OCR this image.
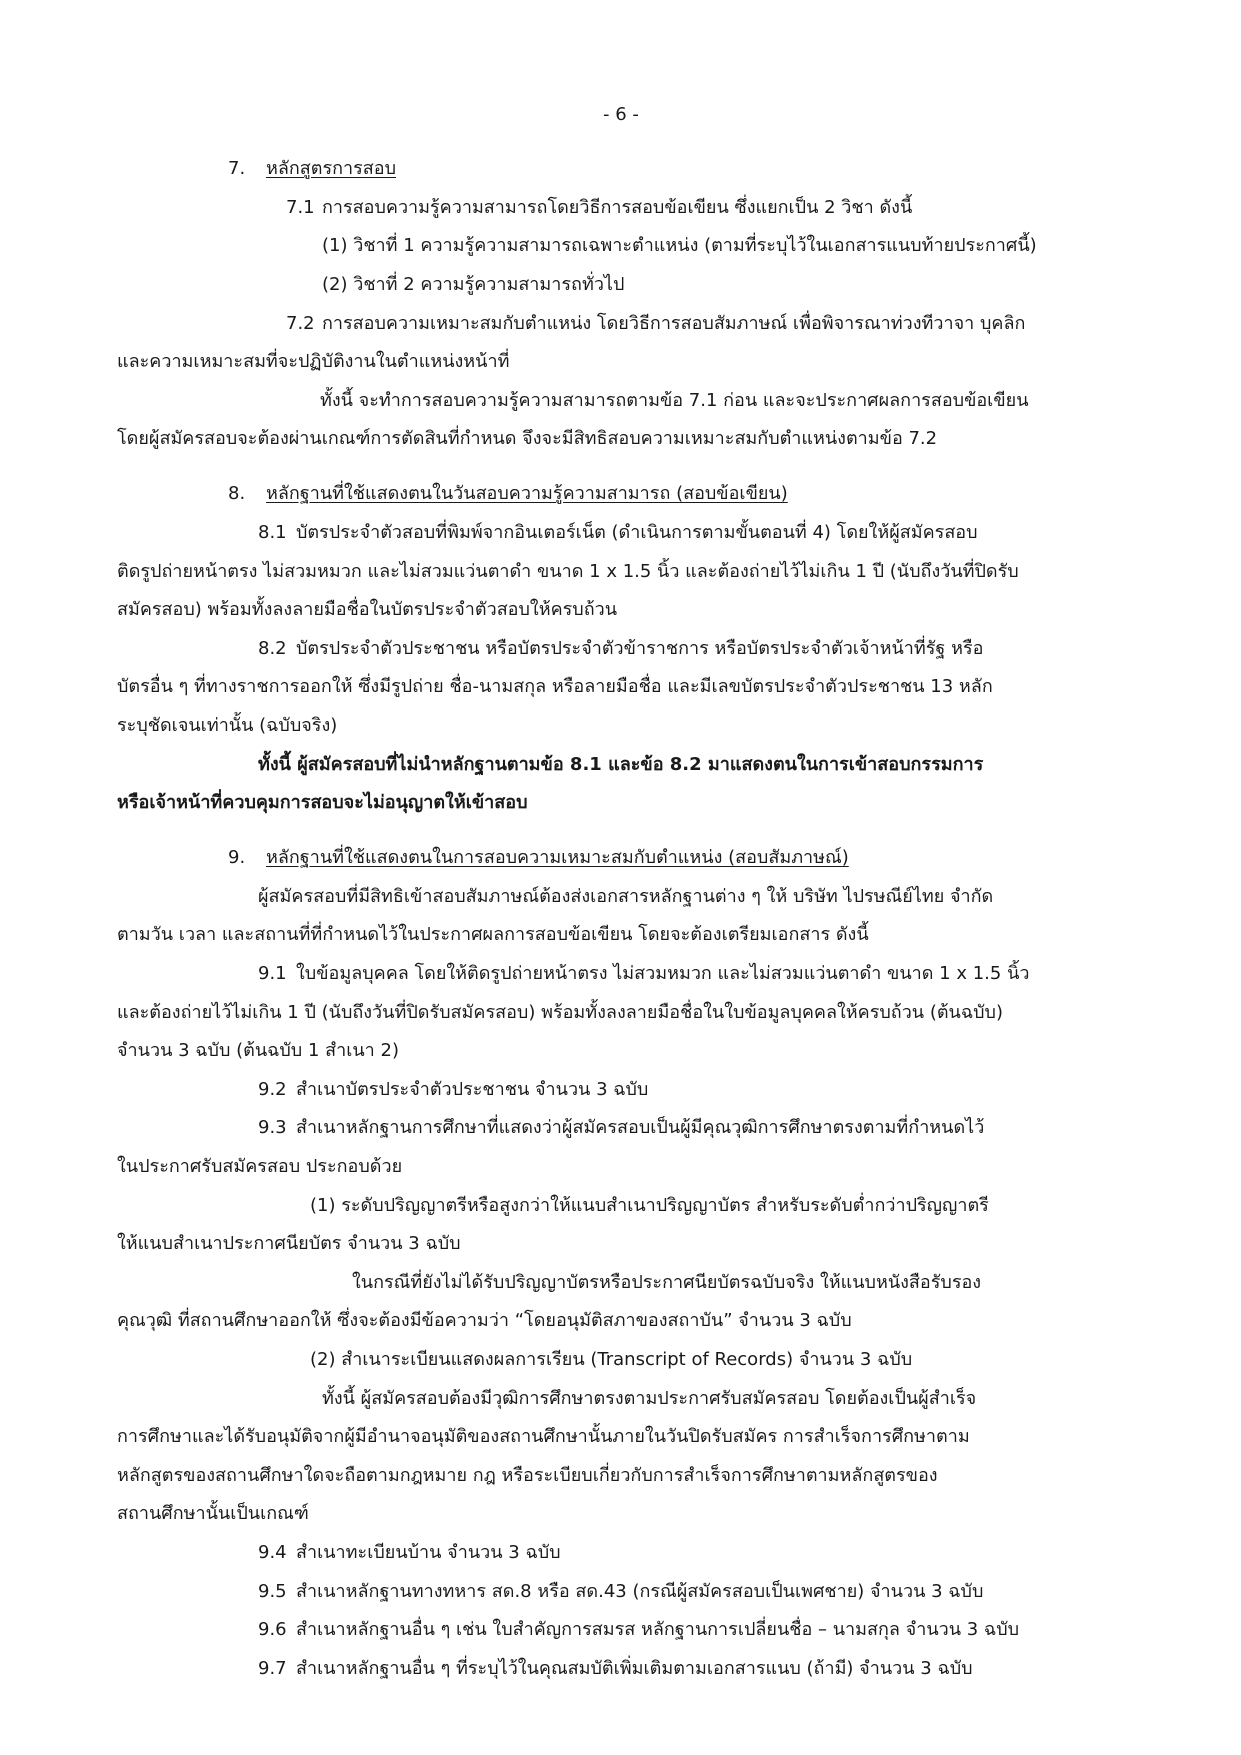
- 6 -
7. หลักสูตรการสอบ
7.1 การสอบความรู้ความสามารถโดยวิธีการสอบข้อเขียน ซึ่งแยกเป็น 2 วิชา ดังนี้
(1) วิชาที่ 1 ความรู้ความสามารถเฉพาะตำแหน่ง (ตามที่ระบุไว้ในเอกสารแนบท้ายประกาศนี้)
(2) วิชาที่ 2 ความรู้ความสามารถทั่วไป
7.2 การสอบความเหมาะสมกับตำแหน่ง โดยวิธีการสอบสัมภาษณ์ เพื่อพิจารณาท่วงทีวาจา บุคลิก
และความเหมาะสมที่จะปฏิบัติงานในตำแหน่งหน้าที่
ทั้งนี้ จะทำการสอบความรู้ความสามารถตามข้อ 7.1 ก่อน และจะประกาศผลการสอบข้อเขียน
โดยผู้สมัครสอบจะต้องผ่านเกณฑ์การตัดสินที่กำหนด จึงจะมีสิทธิสอบความเหมาะสมกับตำแหน่งตามข้อ 7.2
8. หลักฐานที่ใช้แสดงตนในวันสอบความรู้ความสามารถ (สอบข้อเขียน)
8.1 บัตรประจำตัวสอบที่พิมพ์จากอินเตอร์เน็ต (ดำเนินการตามขั้นตอนที่ 4) โดยให้ผู้สมัครสอบ
ติดรูปถ่ายหน้าตรง ไม่สวมหมวก และไม่สวมแว่นตาดำ ขนาด 1 x 1.5 นิ้ว และต้องถ่ายไว้ไม่เกิน 1 ปี (นับถึงวันที่ปิดรับ
สมัครสอบ) พร้อมทั้งลงลายมือชื่อในบัตรประจำตัวสอบให้ครบถ้วน
8.2 บัตรประจำตัวประชาชน หรือบัตรประจำตัวข้าราชการ หรือบัตรประจำตัวเจ้าหน้าที่รัฐ หรือ
บัตรอื่น ๆ ที่ทางราชการออกให้ ซึ่งมีรูปถ่าย ชื่อ-นามสกุล หรือลายมือชื่อ และมีเลขบัตรประจำตัวประชาชน 13 หลัก
ระบุชัดเจนเท่านั้น (ฉบับจริง)
ทั้งนี้ ผู้สมัครสอบที่ไม่นำหลักฐานตามข้อ 8.1 และข้อ 8.2 มาแสดงตนในการเข้าสอบกรรมการ
หรือเจ้าหน้าที่ควบคุมการสอบจะไม่อนุญาตให้เข้าสอบ
9. หลักฐานที่ใช้แสดงตนในการสอบความเหมาะสมกับตำแหน่ง (สอบสัมภาษณ์)
ผู้สมัครสอบที่มีสิทธิเข้าสอบสัมภาษณ์ต้องส่งเอกสารหลักฐานต่าง ๆ ให้ บริษัท ไปรษณีย์ไทย จำกัด
ตามวัน เวลา และสถานที่ที่กำหนดไว้ในประกาศผลการสอบข้อเขียน โดยจะต้องเตรียมเอกสาร ดังนี้
9.1 ใบข้อมูลบุคคล โดยให้ติดรูปถ่ายหน้าตรง ไม่สวมหมวก และไม่สวมแว่นตาดำ ขนาด 1 x 1.5 นิ้ว
และต้องถ่ายไว้ไม่เกิน 1 ปี (นับถึงวันที่ปิดรับสมัครสอบ) พร้อมทั้งลงลายมือชื่อในใบข้อมูลบุคคลให้ครบถ้วน (ต้นฉบับ)
จำนวน 3 ฉบับ (ต้นฉบับ 1 สำเนา 2)
9.2 สำเนาบัตรประจำตัวประชาชน จำนวน 3 ฉบับ
9.3 สำเนาหลักฐานการศึกษาที่แสดงว่าผู้สมัครสอบเป็นผู้มีคุณวุฒิการศึกษาตรงตามที่กำหนดไว้
ในประกาศรับสมัครสอบ ประกอบด้วย
(1) ระดับปริญญาตรีหรือสูงกว่าให้แนบสำเนาปริญญาบัตร สำหรับระดับต่ำกว่าปริญญาตรี
ให้แนบสำเนาประกาศนียบัตร จำนวน 3 ฉบับ
ในกรณีที่ยังไม่ได้รับปริญญาบัตรหรือประกาศนียบัตรฉบับจริง ให้แนบหนังสือรับรอง
คุณวุฒิ ที่สถานศึกษาออกให้ ซึ่งจะต้องมีข้อความว่า “โดยอนุมัติสภาของสถาบัน” จำนวน 3 ฉบับ
(2) สำเนาระเบียนแสดงผลการเรียน (Transcript of Records) จำนวน 3 ฉบับ
ทั้งนี้ ผู้สมัครสอบต้องมีวุฒิการศึกษาตรงตามประกาศรับสมัครสอบ โดยต้องเป็นผู้สำเร็จ
การศึกษาและได้รับอนุมัติจากผู้มีอำนาจอนุมัติของสถานศึกษานั้นภายในวันปิดรับสมัคร การสำเร็จการศึกษาตาม
หลักสูตรของสถานศึกษาใดจะถือตามกฎหมาย กฎ หรือระเบียบเกี่ยวกับการสำเร็จการศึกษาตามหลักสูตรของ
สถานศึกษานั้นเป็นเกณฑ์
9.4 สำเนาทะเบียนบ้าน จำนวน 3 ฉบับ
9.5 สำเนาหลักฐานทางทหาร สด.8 หรือ สด.43 (กรณีผู้สมัครสอบเป็นเพศชาย) จำนวน 3 ฉบับ
9.6 สำเนาหลักฐานอื่น ๆ เช่น ใบสำคัญการสมรส หลักฐานการเปลี่ยนชื่อ – นามสกุล จำนวน 3 ฉบับ
9.7 สำเนาหลักฐานอื่น ๆ ที่ระบุไว้ในคุณสมบัติเพิ่มเติมตามเอกสารแนบ (ถ้ามี) จำนวน 3 ฉบับ
